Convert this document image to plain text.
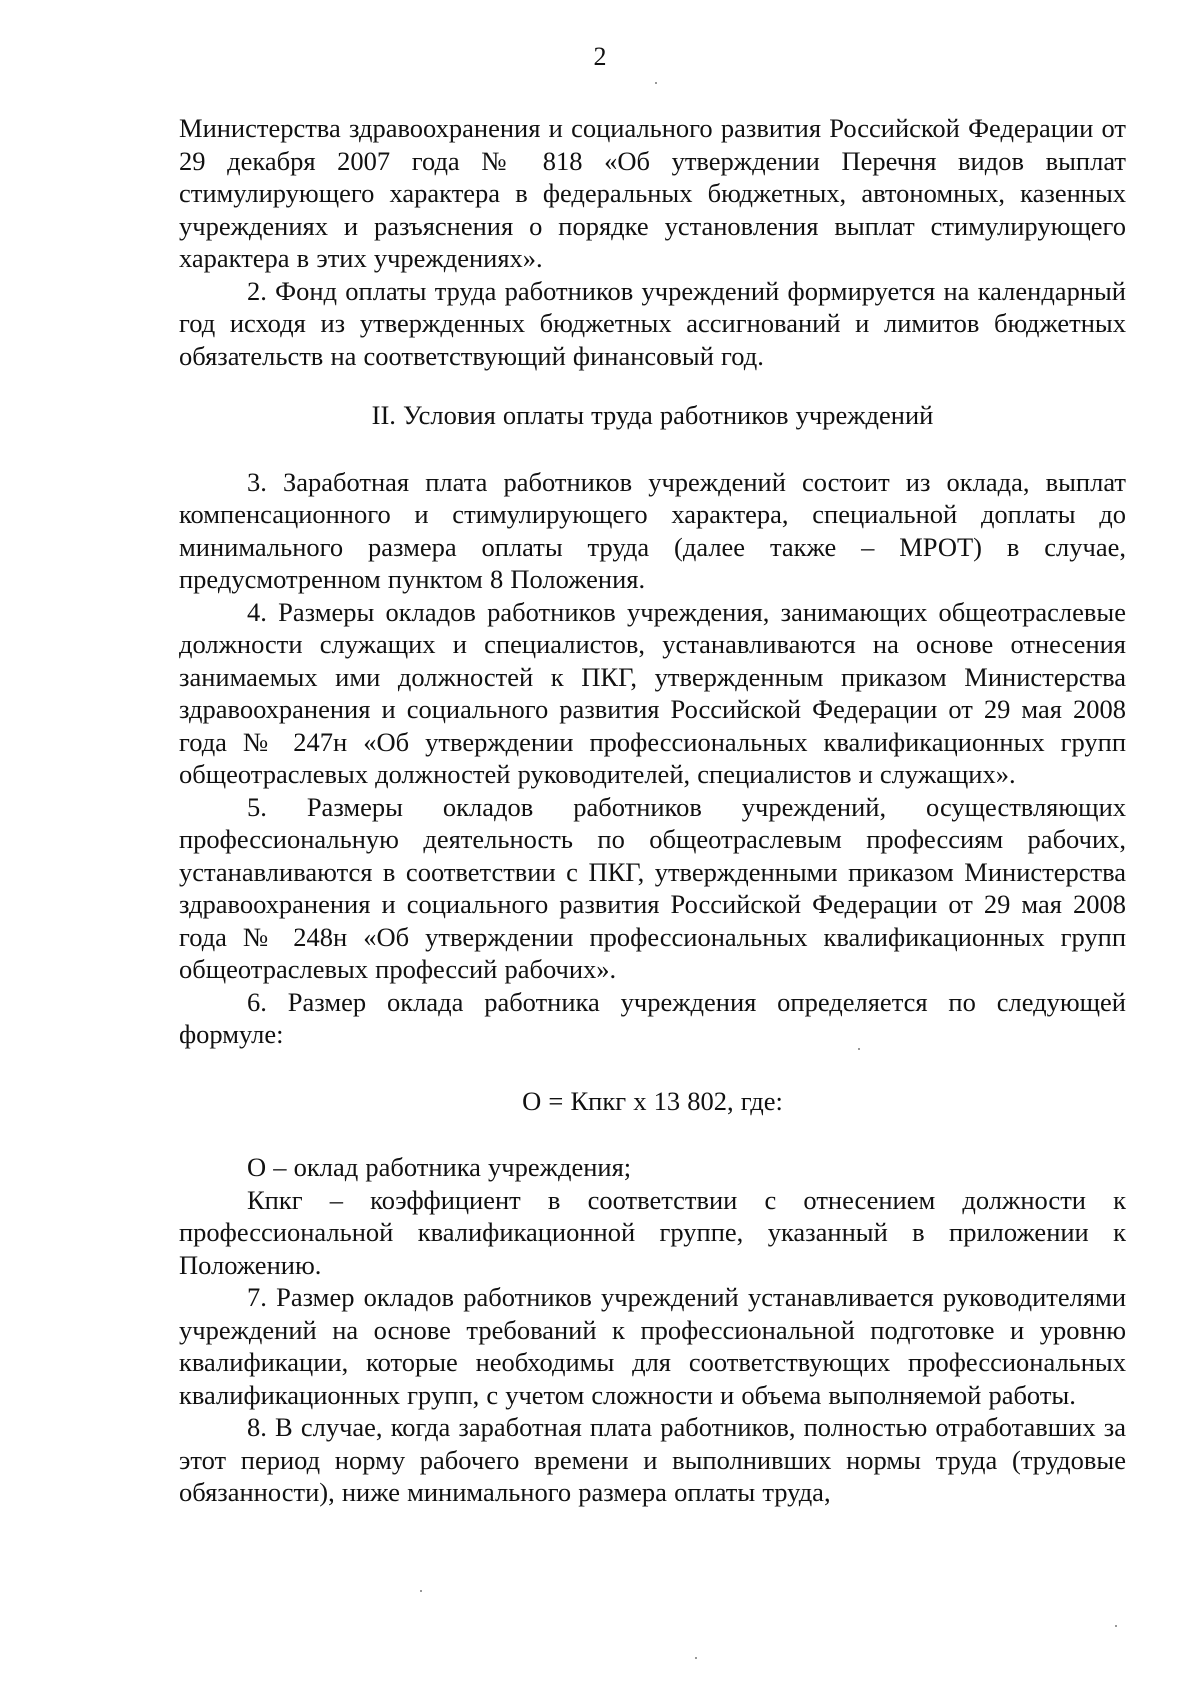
2

Министерства здравоохранения и социального развития Российской Федерации от 29 декабря 2007 года № 818 «Об утверждении Перечня видов выплат стимулирующего характера в федеральных бюджетных, автономных, казенных учреждениях и разъяснения о порядке установления выплат стимулирующего характера в этих учреждениях».

2. Фонд оплаты труда работников учреждений формируется на календарный год исходя из утвержденных бюджетных ассигнований и лимитов бюджетных обязательств на соответствующий финансовый год.

II. Условия оплаты труда работников учреждений

3. Заработная плата работников учреждений состоит из оклада, выплат компенсационного и стимулирующего характера, специальной доплаты до минимального размера оплаты труда (далее также – МРОТ) в случае, предусмотренном пунктом 8 Положения.

4. Размеры окладов работников учреждения, занимающих общеотраслевые должности служащих и специалистов, устанавливаются на основе отнесения занимаемых ими должностей к ПКГ, утвержденным приказом Министерства здравоохранения и социального развития Российской Федерации от 29 мая 2008 года № 247н «Об утверждении профессиональных квалификационных групп общеотраслевых должностей руководителей, специалистов и служащих».

5. Размеры окладов работников учреждений, осуществляющих профессиональную деятельность по общеотраслевым профессиям рабочих, устанавливаются в соответствии с ПКГ, утвержденными приказом Министерства здравоохранения и социального развития Российской Федерации от 29 мая 2008 года № 248н «Об утверждении профессиональных квалификационных групп общеотраслевых профессий рабочих».

6. Размер оклада работника учреждения определяется по следующей формуле:

О = Кпкг х 13 802, где:

О – оклад работника учреждения;

Кпкг – коэффициент в соответствии с отнесением должности к профессиональной квалификационной группе, указанный в приложении к Положению.

7. Размер окладов работников учреждений устанавливается руководителями учреждений на основе требований к профессиональной подготовке и уровню квалификации, которые необходимы для соответствующих профессиональных квалификационных групп, с учетом сложности и объема выполняемой работы.

8. В случае, когда заработная плата работников, полностью отработавших за этот период норму рабочего времени и выполнивших нормы труда (трудовые обязанности), ниже минимального размера оплаты труда,
